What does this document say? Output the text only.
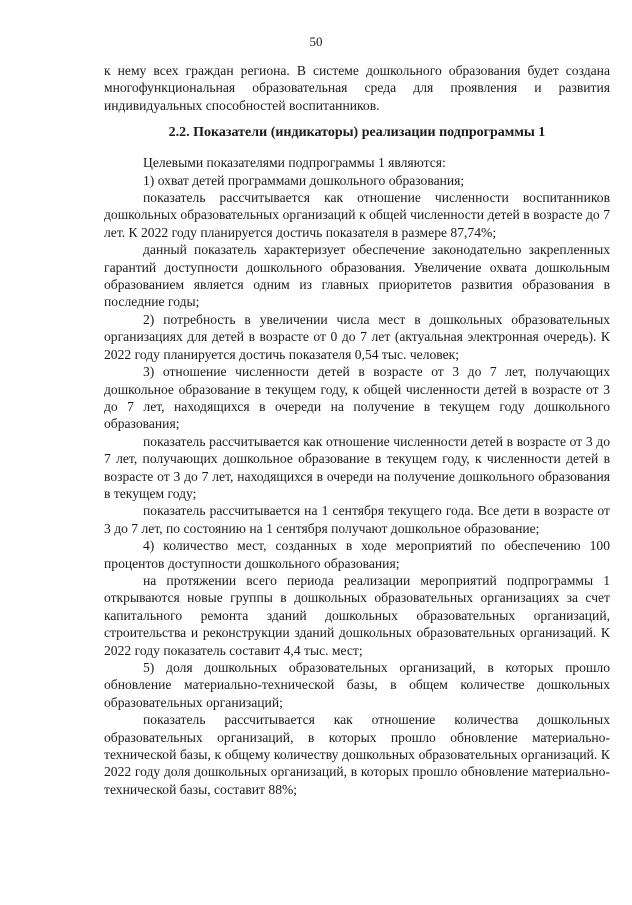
50

к нему всех граждан региона. В системе дошкольного образования будет создана многофункциональная образовательная среда для проявления и развития индивидуальных способностей воспитанников.

2.2. Показатели (индикаторы) реализации подпрограммы 1

Целевыми показателями подпрограммы 1 являются:

1) охват детей программами дошкольного образования;

показатель рассчитывается как отношение численности воспитанников дошкольных образовательных организаций к общей численности детей в возрасте до 7 лет. К 2022 году планируется достичь показателя в размере 87,74%;

данный показатель характеризует обеспечение законодательно закрепленных гарантий доступности дошкольного образования. Увеличение охвата дошкольным образованием является одним из главных приоритетов развития образования в последние годы;

2) потребность в увеличении числа мест в дошкольных образовательных организациях для детей в возрасте от 0 до 7 лет (актуальная электронная очередь). К 2022 году планируется достичь показателя 0,54 тыс. человек;

3) отношение численности детей в возрасте от 3 до 7 лет, получающих дошкольное образование в текущем году, к общей численности детей в возрасте от 3 до 7 лет, находящихся в очереди на получение в текущем году дошкольного образования;

показатель рассчитывается как отношение численности детей в возрасте от 3 до 7 лет, получающих дошкольное образование в текущем году, к численности детей в возрасте от 3 до 7 лет, находящихся в очереди на получение дошкольного образования в текущем году;

показатель рассчитывается на 1 сентября текущего года. Все дети в возрасте от 3 до 7 лет, по состоянию на 1 сентября получают дошкольное образование;

4) количество мест, созданных в ходе мероприятий по обеспечению 100 процентов доступности дошкольного образования;

на протяжении всего периода реализации мероприятий подпрограммы 1 открываются новые группы в дошкольных образовательных организациях за счет капитального ремонта зданий дошкольных образовательных организаций, строительства и реконструкции зданий дошкольных образовательных организаций. К 2022 году показатель составит 4,4 тыс. мест;

5) доля дошкольных образовательных организаций, в которых прошло обновление материально-технической базы, в общем количестве дошкольных образовательных организаций;

показатель рассчитывается как отношение количества дошкольных образовательных организаций, в которых прошло обновление материально-технической базы, к общему количеству дошкольных образовательных организаций. К 2022 году доля дошкольных организаций, в которых прошло обновление материально-технической базы, составит 88%;
